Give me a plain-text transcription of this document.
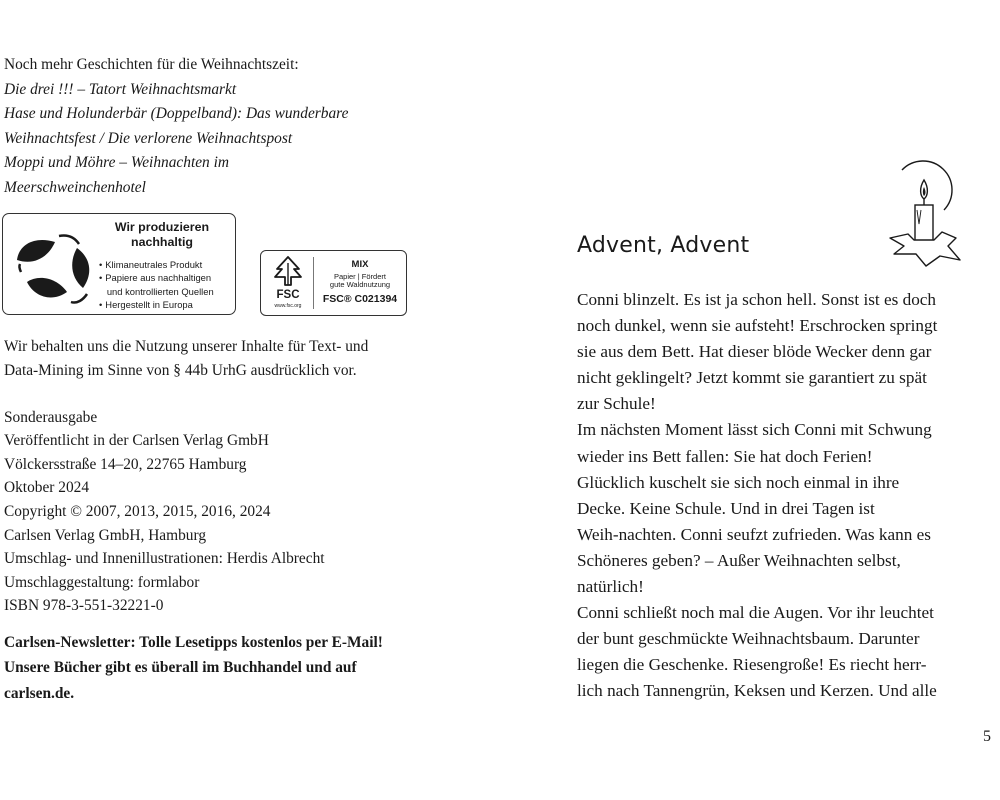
Noch mehr Geschichten für die Weihnachtszeit:
Die drei !!! – Tatort Weihnachtsmarkt
Hase und Holunderbär (Doppelband): Das wunderbare
Weihnachtsfest / Die verlorene Weihnachtspost
Moppi und Möhre – Weihnachten im
Meerschweinchenhotel
Wir produzieren
nachhaltig
• Klimaneutrales Produkt
• Papiere aus nachhaltigen
und kontrollierten Quellen
• Hergestellt in Europa
FSC
www.fsc.org
MIX
Papier | Fördert
gute Waldnutzung
FSC® C021394
Wir behalten uns die Nutzung unserer Inhalte für Text- und
Data-Mining im Sinne von § 44b UrhG ausdrücklich vor.
Sonderausgabe
Veröffentlicht in der Carlsen Verlag GmbH
Völckersstraße 14–20, 22765 Hamburg
Oktober 2024
Copyright © 2007, 2013, 2015, 2016, 2024
Carlsen Verlag GmbH, Hamburg
Umschlag- und Innenillustrationen: Herdis Albrecht
Umschlaggestaltung: formlabor
ISBN 978-3-551-32221-0
Carlsen-Newsletter: Tolle Lesetipps kostenlos per E-Mail!
Unsere Bücher gibt es überall im Buchhandel und auf
carlsen.de.
Advent, Advent
Conni blinzelt. Es ist ja schon hell. Sonst ist es doch
noch dunkel, wenn sie aufsteht! Erschrocken springt
sie aus dem Bett. Hat dieser blöde Wecker denn gar
nicht geklingelt? Jetzt kommt sie garantiert zu spät
zur Schule!
Im nächsten Moment lässt sich Conni mit Schwung
wieder ins Bett fallen: Sie hat doch Ferien!
Glücklich kuschelt sie sich noch einmal in ihre
Decke. Keine Schule. Und in drei Tagen ist
Weih-nachten. Conni seufzt zufrieden. Was kann es
Schöneres geben? – Außer Weihnachten selbst,
natürlich!
Conni schließt noch mal die Augen. Vor ihr leuchtet
der bunt geschmückte Weihnachtsbaum. Darunter
liegen die Geschenke. Riesengroße! Es riecht herr-
lich nach Tannengrün, Keksen und Kerzen. Und alle
5
